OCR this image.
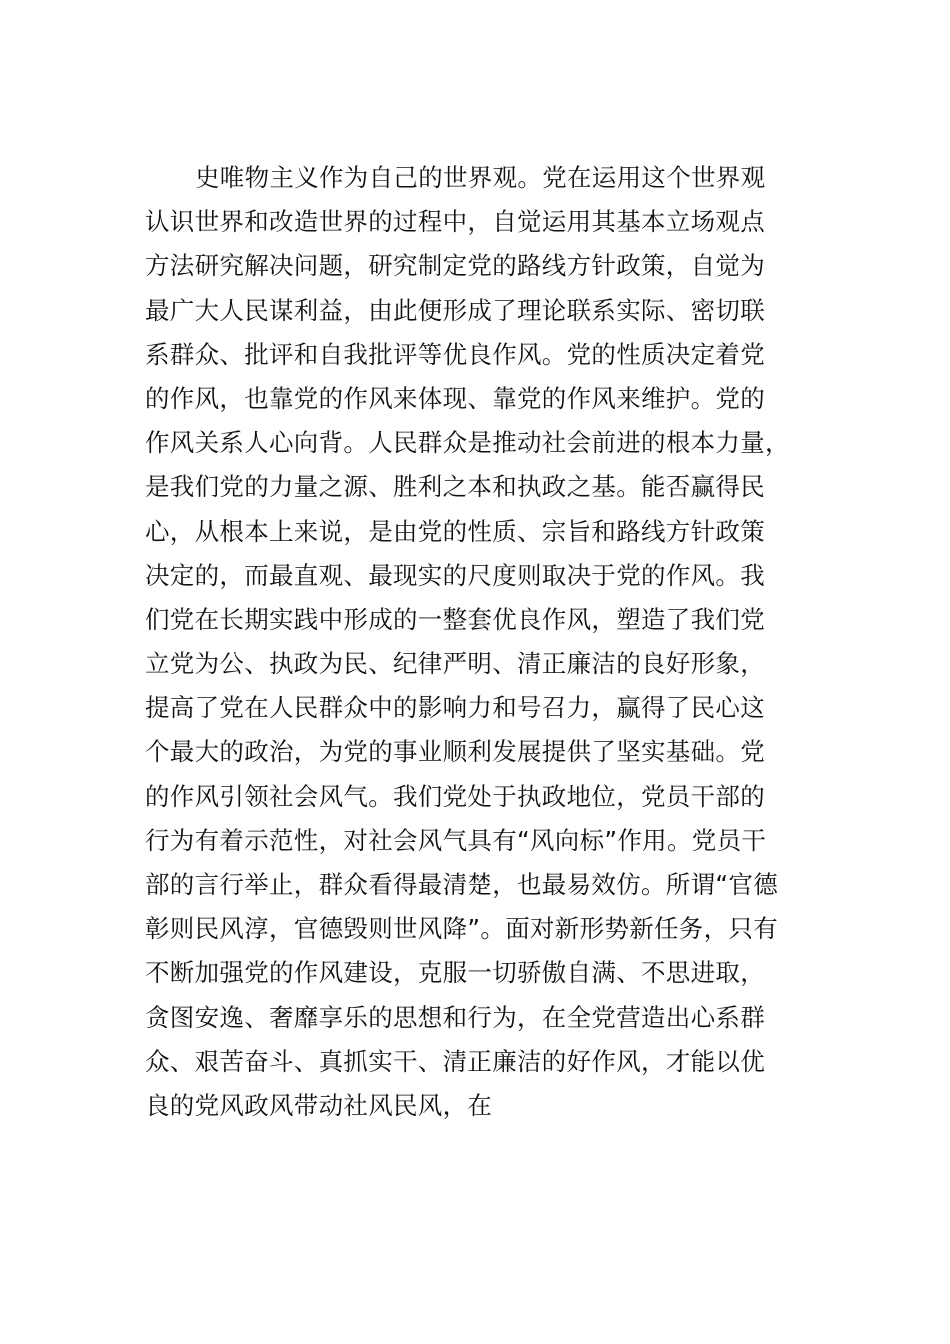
史唯物主义作为自己的世界观。党在运用这个世界观
认识世界和改造世界的过程中，自觉运用其基本立场观点
方法研究解决问题，研究制定党的路线方针政策，自觉为
最广大人民谋利益，由此便形成了理论联系实际、密切联
系群众、批评和自我批评等优良作风。党的性质决定着党
的作风，也靠党的作风来体现、靠党的作风来维护。党的
作风关系人心向背。人民群众是推动社会前进的根本力量，
是我们党的力量之源、胜利之本和执政之基。能否赢得民
心，从根本上来说，是由党的性质、宗旨和路线方针政策
决定的，而最直观、最现实的尺度则取决于党的作风。我
们党在长期实践中形成的一整套优良作风，塑造了我们党
立党为公、执政为民、纪律严明、清正廉洁的良好形象，
提高了党在人民群众中的影响力和号召力，赢得了民心这
个最大的政治，为党的事业顺利发展提供了坚实基础。党
的作风引领社会风气。我们党处于执政地位，党员干部的
行为有着示范性，对社会风气具有“风向标”作用。党员干
部的言行举止，群众看得最清楚，也最易效仿。所谓“官德
彰则民风淳，官德毁则世风降”。面对新形势新任务，只有
不断加强党的作风建设，克服一切骄傲自满、不思进取，
贪图安逸、奢靡享乐的思想和行为，在全党营造出心系群
众、艰苦奋斗、真抓实干、清正廉洁的好作风，才能以优
良的党风政风带动社风民风，在
